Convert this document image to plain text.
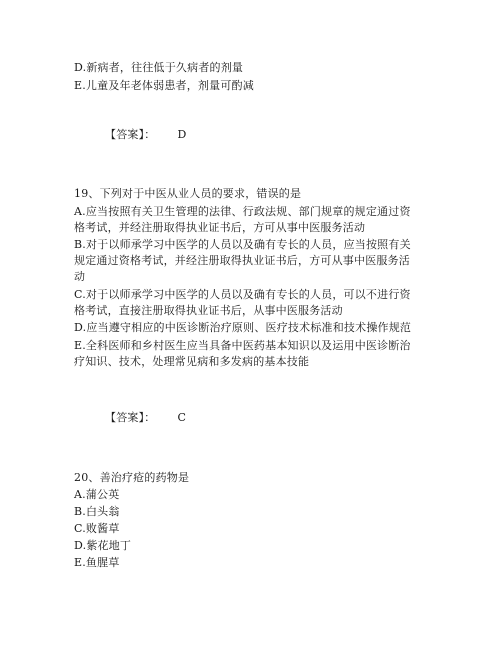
D.新病者，往往低于久病者的剂量
E.儿童及年老体弱患者，剂量可酌减
【答案】： D
19、下列对于中医从业人员的要求，错误的是
A.应当按照有关卫生管理的法律、行政法规、部门规章的规定通过资
格考试，并经注册取得执业证书后，方可从事中医服务活动
B.对于以师承学习中医学的人员以及确有专长的人员，应当按照有关
规定通过资格考试，并经注册取得执业证书后，方可从事中医服务活
动
C.对于以师承学习中医学的人员以及确有专长的人员，可以不进行资
格考试，直接注册取得执业证书后，从事中医服务活动
D.应当遵守相应的中医诊断治疗原则、医疗技术标准和技术操作规范
E.全科医师和乡村医生应当具备中医药基本知识以及运用中医诊断治
疗知识、技术，处理常见病和多发病的基本技能
【答案】： C
20、善治疗疮的药物是
A.蒲公英
B.白头翁
C.败酱草
D.紫花地丁
E.鱼腥草
